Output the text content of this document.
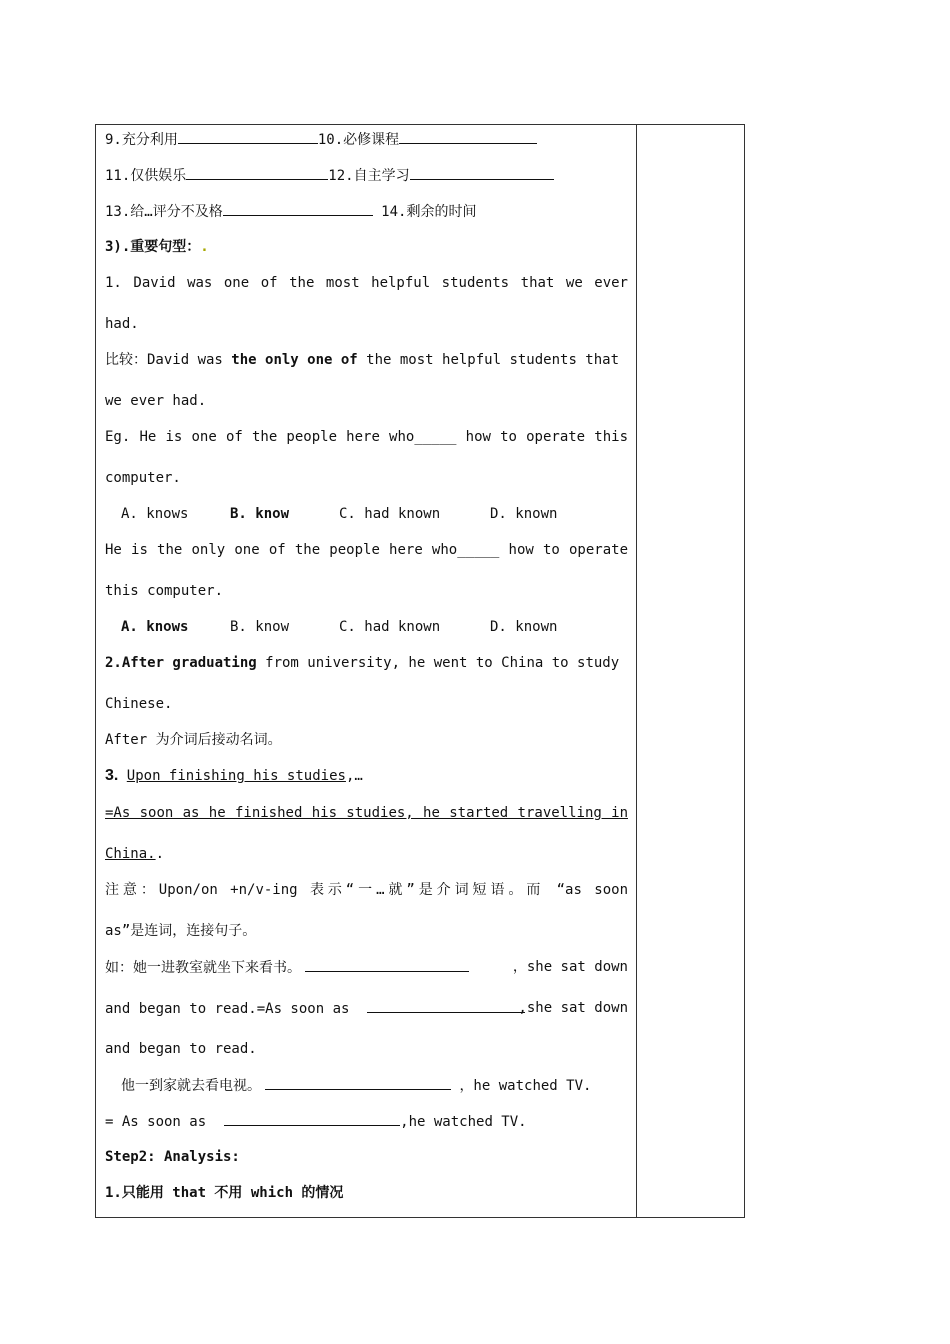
9.充分利用	10.必修课程
11.仅供娱乐	12.自主学习
13.给…评分不及格	14.剩余的时间
3).重要句型：.
1. David was one of the most helpful students that we ever
had.
比较：David was the only one of the most helpful students that
we ever had.
Eg. He is one of the people here who_____ how to operate this
computer.
A. knows	B. know	C. had known	D. known
He is the only one of the people here who_____ how to operate
this computer.
A. knows	B. know	C. had known	D. known
2.After graduating from university, he went to China to study
Chinese.
After 为介词后接动名词。
3. Upon finishing his studies,…
=As soon as he finished his studies, he started travelling in
China..
注意：Upon/on +n/v-ing 表示“一…就”是介词短语。而 “as soon
as”是连词，连接句子。
如：她一进教室就坐下来看书。	，she sat down
and began to read.=As soon as	,she sat down
and began to read.
他一到家就去看电视。	，he watched TV.
= As soon as	,he watched TV.
Step2: Analysis:
1.只能用 that 不用 which 的情况
